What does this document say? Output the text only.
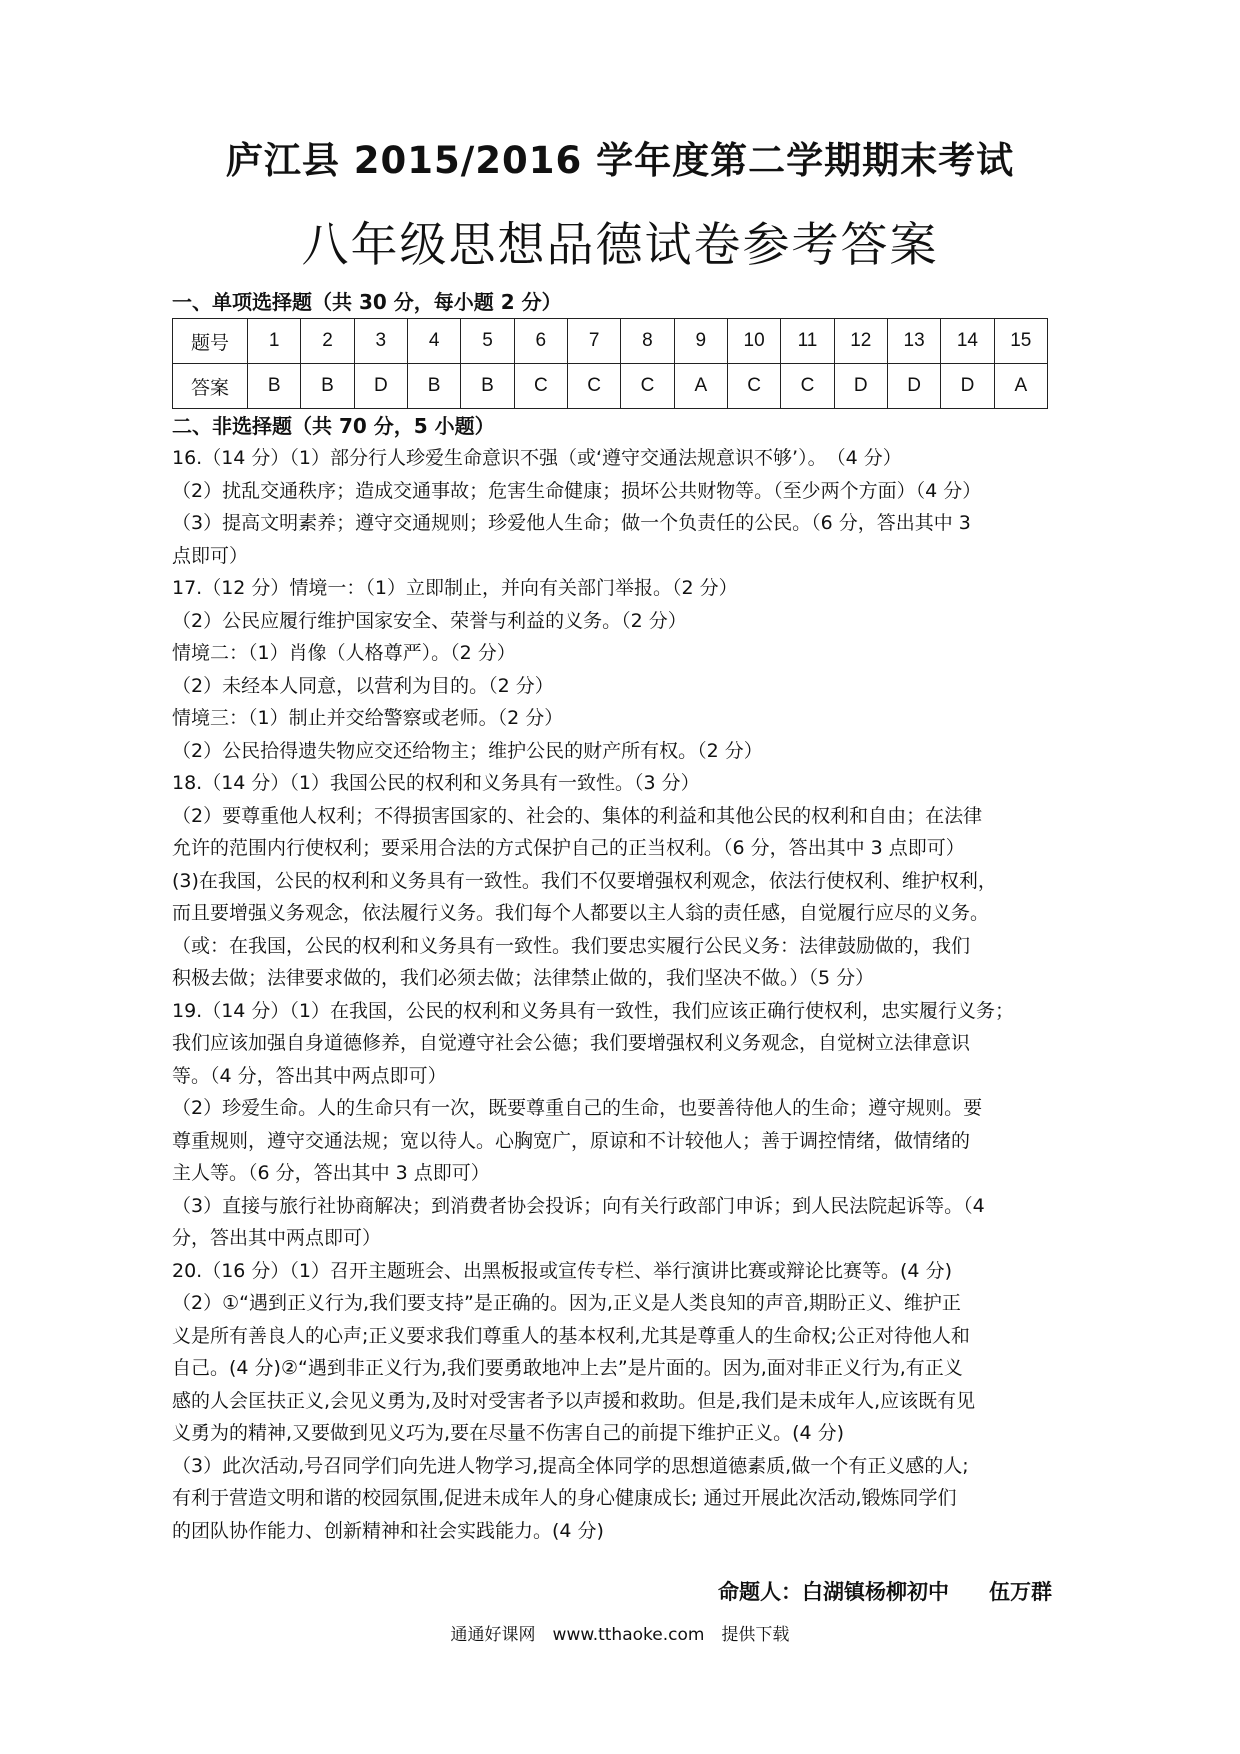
庐江县 2015/2016 学年度第二学期期末考试
八年级思想品德试卷参考答案
一、单项选择题（共 30 分，每小题 2 分）
题号	1	2	3	4	5	6	7	8	9	10	11	12	13	14	15
答案	B	B	D	B	B	C	C	C	A	C	C	D	D	D	A
二、非选择题（共 70 分，5 小题）

16.（14 分）（1）部分行人珍爱生命意识不强（或‘遵守交通法规意识不够’）。　（4 分）

（2）扰乱交通秩序；造成交通事故；危害生命健康；损坏公共财物等。（至少两个方面）（4 分）

（3）提高文明素养；遵守交通规则；珍爱他人生命；做一个负责任的公民。（6 分，答出其中 3

点即可）

17.（12 分）情境一：（1）立即制止，并向有关部门举报。（2 分）

（2）公民应履行维护国家安全、荣誉与利益的义务。（2 分）

情境二：（1）肖像（人格尊严）。（2 分）

（2）未经本人同意，以营利为目的。（2 分）

情境三：（1）制止并交给警察或老师。（2 分）

（2）公民拾得遗失物应交还给物主；维护公民的财产所有权。（2 分）

18.（14 分）（1）我国公民的权利和义务具有一致性。（3 分）

（2）要尊重他人权利；不得损害国家的、社会的、集体的利益和其他公民的权利和自由；在法律

允许的范围内行使权利；要采用合法的方式保护自己的正当权利。（6 分，答出其中 3 点即可）

(3)在我国，公民的权利和义务具有一致性。我们不仅要增强权利观念，依法行使权利、维护权利，

而且要增强义务观念，依法履行义务。我们每个人都要以主人翁的责任感，自觉履行应尽的义务。

（或：在我国，公民的权利和义务具有一致性。我们要忠实履行公民义务：法律鼓励做的，我们

积极去做；法律要求做的，我们必须去做；法律禁止做的，我们坚决不做。）（5 分）

19.（14 分）（1）在我国，公民的权利和义务具有一致性，我们应该正确行使权利，忠实履行义务；

我们应该加强自身道德修养，自觉遵守社会公德；我们要增强权利义务观念，自觉树立法律意识

等。（4 分，答出其中两点即可）

（2）珍爱生命。人的生命只有一次，既要尊重自己的生命，也要善待他人的生命；遵守规则。要

尊重规则，遵守交通法规；宽以待人。心胸宽广，原谅和不计较他人；善于调控情绪，做情绪的

主人等。（6 分，答出其中 3 点即可）

（3）直接与旅行社协商解决；到消费者协会投诉；向有关行政部门申诉；到人民法院起诉等。（4

分，答出其中两点即可）

20.（16 分）（1）召开主题班会、出黑板报或宣传专栏、举行演讲比赛或辩论比赛等。(4 分)

（2）①“遇到正义行为,我们要支持”是正确的。因为,正义是人类良知的声音,期盼正义、维护正

义是所有善良人的心声;正义要求我们尊重人的基本权利,尤其是尊重人的生命权;公正对待他人和

自己。(4 分)②“遇到非正义行为,我们要勇敢地冲上去”是片面的。因为,面对非正义行为,有正义

感的人会匡扶正义,会见义勇为,及时对受害者予以声援和救助。但是,我们是未成年人,应该既有见

义勇为的精神,又要做到见义巧为,要在尽量不伤害自己的前提下维护正义。(4 分)

（3）此次活动,号召同学们向先进人物学习,提高全体同学的思想道德素质,做一个有正义感的人;

有利于营造文明和谐的校园氛围,促进未成年人的身心健康成长; 通过开展此次活动,锻炼同学们

的团队协作能力、创新精神和社会实践能力。(4 分)

命题人：白湖镇杨柳初中 伍万群
通通好课网　www.tthaoke.com　提供下载
